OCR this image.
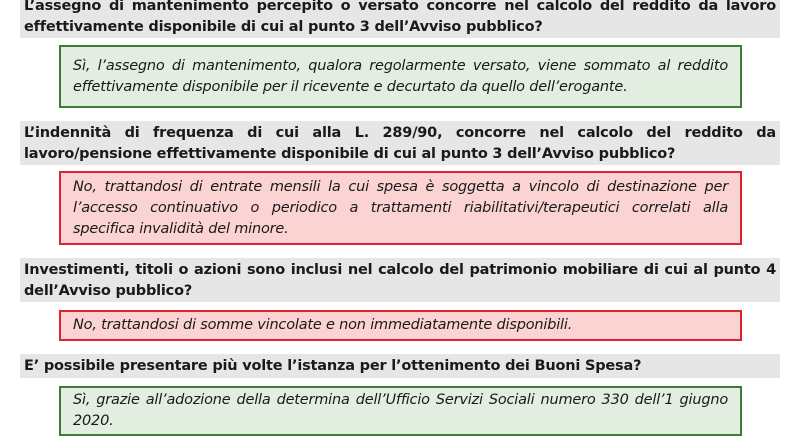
L’assegno di mantenimento percepito o versato concorre nel calcolo del reddito da lavoro effettivamente disponibile di cui al punto 3 dell’Avviso pubblico?
Sì, l’assegno di mantenimento, qualora regolarmente versato, viene sommato al reddito effettivamente disponibile per il ricevente e decurtato da quello dell’erogante.
L’indennità di frequenza di cui alla L. 289/90, concorre nel calcolo del reddito da lavoro/pensione effettivamente disponibile di cui al punto 3 dell’Avviso pubblico?
No, trattandosi di entrate mensili la cui spesa è soggetta a vincolo di destinazione per l’accesso continuativo o periodico a trattamenti riabilitativi/terapeutici correlati alla specifica invalidità del minore.
Investimenti, titoli o azioni sono inclusi nel calcolo del patrimonio mobiliare di cui al punto 4 dell’Avviso pubblico?
No, trattandosi di somme vincolate e non immediatamente disponibili.
E’ possibile presentare più volte l’istanza per l’ottenimento dei Buoni Spesa?
Sì, grazie all’adozione della determina dell’Ufficio Servizi Sociali numero 330 dell’1 giugno 2020.
